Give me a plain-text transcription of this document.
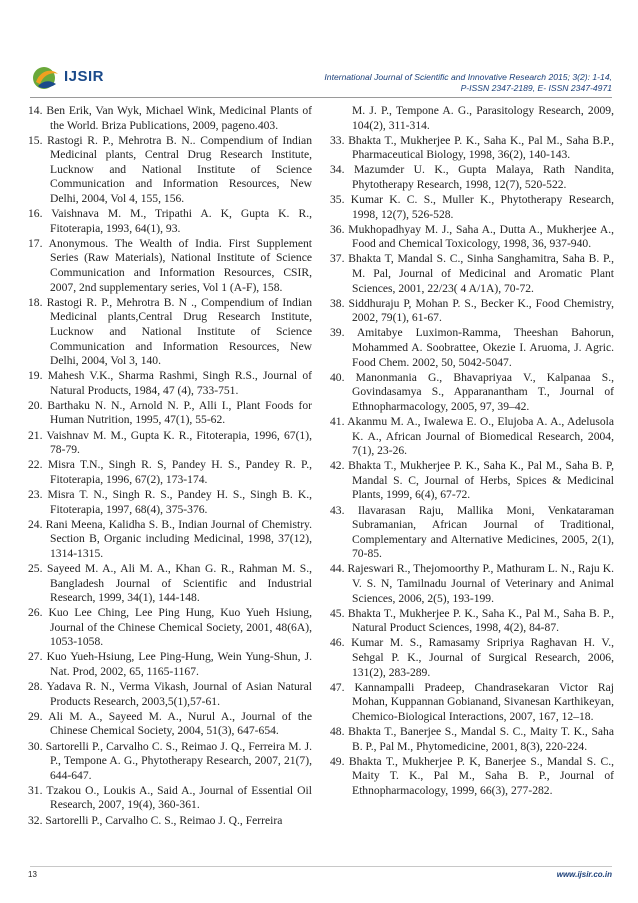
IJSIR	International Journal of Scientific and Innovative Research 2015; 3(2): 1-14,
P-ISSN 2347-2189, E- ISSN 2347-4971

14. Ben Erik, Van Wyk, Michael Wink, Medicinal Plants of the World. Briza Publications, 2009, pageno.403.

15. Rastogi R. P., Mehrotra B. N.. Compendium of Indian Medicinal plants, Central Drug Research Institute, Lucknow and National Institute of Science Communication and Information Resources, New Delhi, 2004, Vol 4, 155, 156.

16. Vaishnava M. M., Tripathi A. K, Gupta K. R., Fitoterapia, 1993, 64(1), 93.

17. Anonymous. The Wealth of India. First Supplement Series (Raw Materials), National Institute of Science Communication and Information Resources, CSIR, 2007, 2nd supplementary series, Vol 1 (A-F), 158.

18. Rastogi R. P., Mehrotra B. N ., Compendium of Indian Medicinal plants,Central Drug Research Institute, Lucknow and National Institute of Science Communication and Information Resources, New Delhi, 2004, Vol 3, 140.

19. Mahesh V.K., Sharma Rashmi, Singh R.S., Journal of Natural Products, 1984, 47 (4), 733-751.

20. Barthaku N. N., Arnold N. P., Alli I., Plant Foods for Human Nutrition, 1995, 47(1), 55-62.

21. Vaishnav M. M., Gupta K. R., Fitoterapia, 1996, 67(1), 78-79.

22. Misra T.N., Singh R. S, Pandey H. S., Pandey R. P., Fitoterapia, 1996, 67(2), 173-174.

23. Misra T. N., Singh R. S., Pandey H. S., Singh B. K., Fitoterapia, 1997, 68(4), 375-376.

24. Rani Meena, Kalidha S. B., Indian Journal of Chemistry. Section B, Organic including Medicinal, 1998, 37(12), 1314-1315.

25. Sayeed M. A., Ali M. A., Khan G. R., Rahman M. S., Bangladesh Journal of Scientific and Industrial Research, 1999, 34(1), 144-148.

26. Kuo Lee Ching, Lee Ping Hung, Kuo Yueh Hsiung, Journal of the Chinese Chemical Society, 2001, 48(6A), 1053-1058.

27. Kuo Yueh-Hsiung, Lee Ping-Hung, Wein Yung-Shun, J. Nat. Prod, 2002, 65, 1165-1167.

28. Yadava R. N., Verma Vikash, Journal of Asian Natural Products Research, 2003,5(1),57-61.

29. Ali M. A., Sayeed M. A., Nurul A., Journal of the Chinese Chemical Society, 2004, 51(3), 647-654.

30. Sartorelli P., Carvalho C. S., Reimao J. Q., Ferreira M. J. P., Tempone A. G., Phytotherapy Research, 2007, 21(7), 644-647.

31. Tzakou O., Loukis A., Said A., Journal of Essential Oil Research, 2007, 19(4), 360-361.

32. Sartorelli P., Carvalho C. S., Reimao J. Q., Ferreira

M. J. P., Tempone A. G., Parasitology Research, 2009, 104(2), 311-314.

33. Bhakta T., Mukherjee P. K., Saha K., Pal M., Saha B.P., Pharmaceutical Biology, 1998, 36(2), 140-143.

34. Mazumder U. K., Gupta Malaya, Rath Nandita, Phytotherapy Research, 1998, 12(7), 520-522.

35. Kumar K. C. S., Muller K., Phytotherapy Research, 1998, 12(7), 526-528.

36. Mukhopadhyay M. J., Saha A., Dutta A., Mukherjee A., Food and Chemical Toxicology, 1998, 36, 937-940.

37. Bhakta T, Mandal S. C., Sinha Sanghamitra, Saha B. P., M. Pal, Journal of Medicinal and Aromatic Plant Sciences, 2001, 22/23( 4 A/1A), 70-72.

38. Siddhuraju P, Mohan P. S., Becker K., Food Chemistry, 2002, 79(1), 61-67.

39. Amitabye Luximon-Ramma, Theeshan Bahorun, Mohammed A. Soobrattee, Okezie I. Aruoma, J. Agric. Food Chem. 2002, 50, 5042-5047.

40. Manonmania G., Bhavapriyaa V., Kalpanaa S., Govindasamya S., Apparanantham T., Journal of Ethnopharmacology, 2005, 97, 39–42.

41. Akanmu M. A., Iwalewa E. O., Elujoba A. A., Adelusola K. A., African Journal of Biomedical Research, 2004, 7(1), 23-26.

42. Bhakta T., Mukherjee P. K., Saha K., Pal M., Saha B. P, Mandal S. C, Journal of Herbs, Spices & Medicinal Plants, 1999, 6(4), 67-72.

43. Ilavarasan Raju, Mallika Moni, Venkataraman Subramanian, African Journal of Traditional, Complementary and Alternative Medicines, 2005, 2(1), 70-85.

44. Rajeswari R., Thejomoorthy P., Mathuram L. N., Raju K. V. S. N, Tamilnadu Journal of Veterinary and Animal Sciences, 2006, 2(5), 193-199.

45. Bhakta T., Mukherjee P. K., Saha K., Pal M., Saha B. P., Natural Product Sciences, 1998, 4(2), 84-87.

46. Kumar M. S., Ramasamy Sripriya Raghavan H. V., Sehgal P. K., Journal of Surgical Research, 2006, 131(2), 283-289.

47. Kannampalli Pradeep, Chandrasekaran Victor Raj Mohan, Kuppannan Gobianand, Sivanesan Karthikeyan, Chemico-Biological Interactions, 2007, 167, 12–18.

48. Bhakta T., Banerjee S., Mandal S. C., Maity T. K., Saha B. P., Pal M., Phytomedicine, 2001, 8(3), 220-224.

49. Bhakta T., Mukherjee P. K, Banerjee S., Mandal S. C., Maity T. K., Pal M., Saha B. P., Journal of Ethnopharmacology, 1999, 66(3), 277-282.

13	www.ijsir.co.in
